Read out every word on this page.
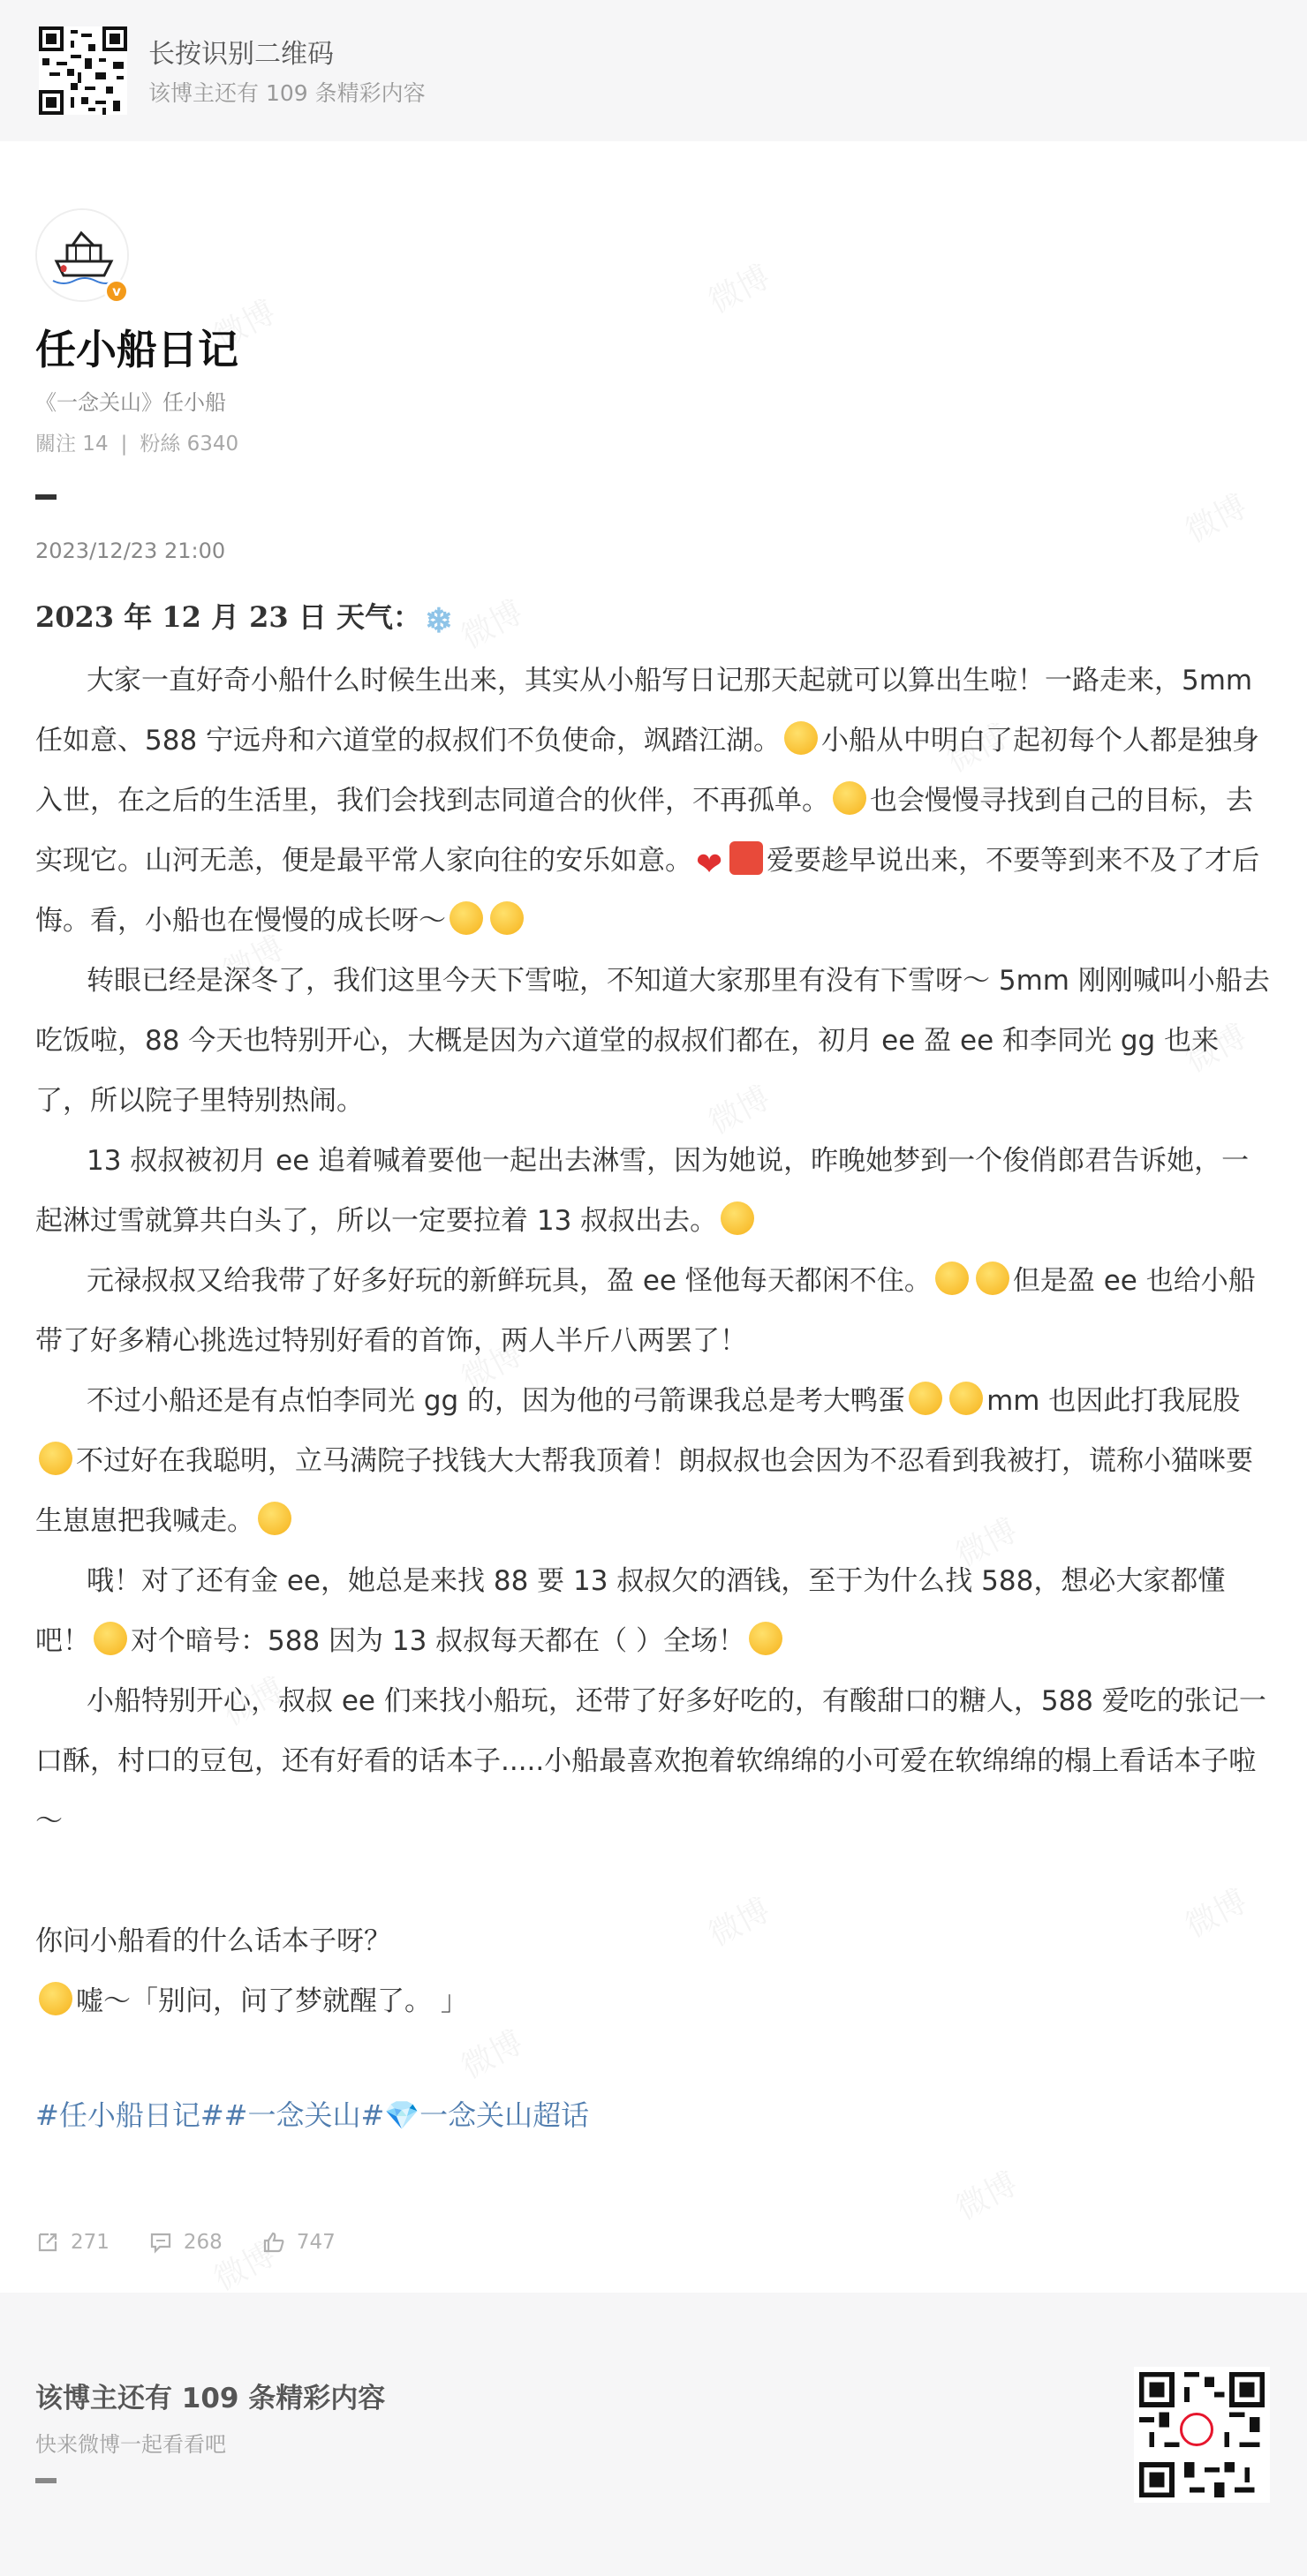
长按识别二维码
该博主还有 109 条精彩内容
v
任小船日记
《一念关山》任小船
關注 14 | 粉絲 6340
2023/12/23 21:00

2023 年 12 月 23 日 天气： ❄

大家一直好奇小船什么时候生出来，其实从小船写日记那天起就可以算出生啦！一路走来，5mm 任如意、588 宁远舟和六道堂的叔叔们不负使命，飒踏江湖。 小船从中明白了起初每个人都是独身入世，在之后的生活里，我们会找到志同道合的伙伴，不再孤单。 也会慢慢寻找到自己的目标，去实现它。山河无恙，便是最平常人家向往的安乐如意。 ❤ 爱要趁早说出来，不要等到来不及了才后悔。看，小船也在慢慢的成长呀～

转眼已经是深冬了，我们这里今天下雪啦，不知道大家那里有没有下雪呀～ 5mm 刚刚喊叫小船去吃饭啦，88 今天也特别开心，大概是因为六道堂的叔叔们都在，初月 ee 盈 ee 和李同光 gg 也来了，所以院子里特别热闹。

13 叔叔被初月 ee 追着喊着要他一起出去淋雪，因为她说，昨晚她梦到一个俊俏郎君告诉她，一起淋过雪就算共白头了，所以一定要拉着 13 叔叔出去。

元禄叔叔又给我带了好多好玩的新鲜玩具，盈 ee 怪他每天都闲不住。	但是盈 ee 也给小船带了好多精心挑选过特别好看的首饰，两人半斤八两罢了！

不过小船还是有点怕李同光 gg 的，因为他的弓箭课我总是考大鸭蛋	mm 也因此打我屁股不过好在我聪明，立马满院子找钱大大帮我顶着！朗叔叔也会因为不忍看到我被打，谎称小猫咪要生崽崽把我喊走。

哦！对了还有金 ee，她总是来找 88 要 13 叔叔欠的酒钱，至于为什么找 588，想必大家都懂吧！ 对个暗号：588 因为 13 叔叔每天都在（ ）全场！

小船特别开心，叔叔 ee 们来找小船玩，还带了好多好吃的，有酸甜口的糖人，588 爱吃的张记一口酥，村口的豆包，还有好看的话本子.....小船最喜欢抱着软绵绵的小可爱在软绵绵的榻上看话本子啦～

你问小船看的什么话本子呀？

嘘～「别问，问了梦就醒了。 」

#任小船日记##一念关山#💎一念关山超话
271	268	747
该博主还有 109 条精彩内容
快来微博一起看看吧
